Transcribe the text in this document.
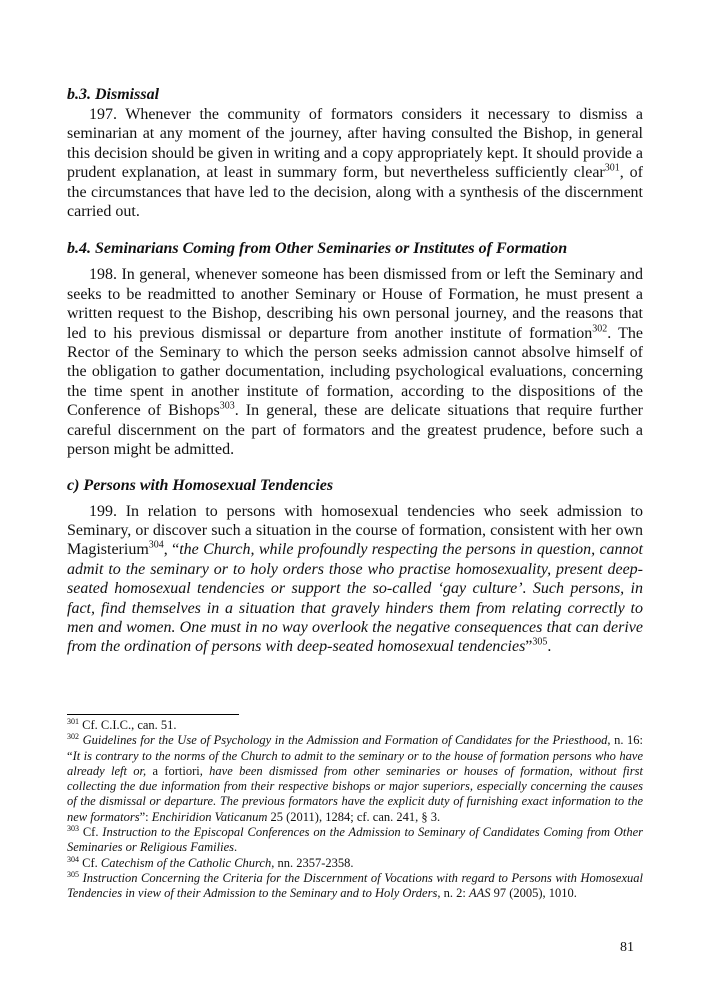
b.3. Dismissal

197. Whenever the community of formators considers it necessary to dismiss a seminarian at any moment of the journey, after having consulted the Bishop, in general this decision should be given in writing and a copy appropriately kept. It should provide a prudent explanation, at least in summary form, but nevertheless sufficiently clear$^{301}$, of the circumstances that have led to the decision, along with a synthesis of the discernment carried out.

b.4. Seminarians Coming from Other Seminaries or Institutes of Formation

198. In general, whenever someone has been dismissed from or left the Seminary and seeks to be readmitted to another Seminary or House of Formation, he must present a written request to the Bishop, describing his own personal journey, and the reasons that led to his previous dismissal or departure from another institute of formation$^{302}$. The Rector of the Seminary to which the person seeks admission cannot absolve himself of the obligation to gather documentation, including psychological evaluations, concerning the time spent in another institute of formation, according to the dispositions of the Conference of Bishops$^{303}$. In general, these are delicate situations that require further careful discernment on the part of formators and the greatest prudence, before such a person might be admitted.

c) Persons with Homosexual Tendencies

199. In relation to persons with homosexual tendencies who seek admission to Seminary, or discover such a situation in the course of formation, consistent with her own Magisterium$^{304}$, “the Church, while profoundly respecting the persons in question, cannot admit to the seminary or to holy orders those who practise homosexuality, present deep-seated homosexual tendencies or support the so-called ‘gay culture’. Such persons, in fact, find themselves in a situation that gravely hinders them from relating correctly to men and women. One must in no way overlook the negative consequences that can derive from the ordination of persons with deep-seated homosexual tendencies”$^{305}$.

$^{301}$ Cf. C.I.C., can. 51.
$^{302}$ Guidelines for the Use of Psychology in the Admission and Formation of Candidates for the Priesthood, n. 16: “It is contrary to the norms of the Church to admit to the seminary or to the house of formation persons who have already left or, a fortiori, have been dismissed from other seminaries or houses of formation, without first collecting the due information from their respective bishops or major superiors, especially concerning the causes of the dismissal or departure. The previous formators have the explicit duty of furnishing exact information to the new formators”: Enchiridion Vaticanum 25 (2011), 1284; cf. can. 241, § 3.
$^{303}$ Cf. Instruction to the Episcopal Conferences on the Admission to Seminary of Candidates Coming from Other Seminaries or Religious Families.
$^{304}$ Cf. Catechism of the Catholic Church, nn. 2357-2358.
$^{305}$ Instruction Concerning the Criteria for the Discernment of Vocations with regard to Persons with Homosexual Tendencies in view of their Admission to the Seminary and to Holy Orders, n. 2: AAS 97 (2005), 1010.
81
